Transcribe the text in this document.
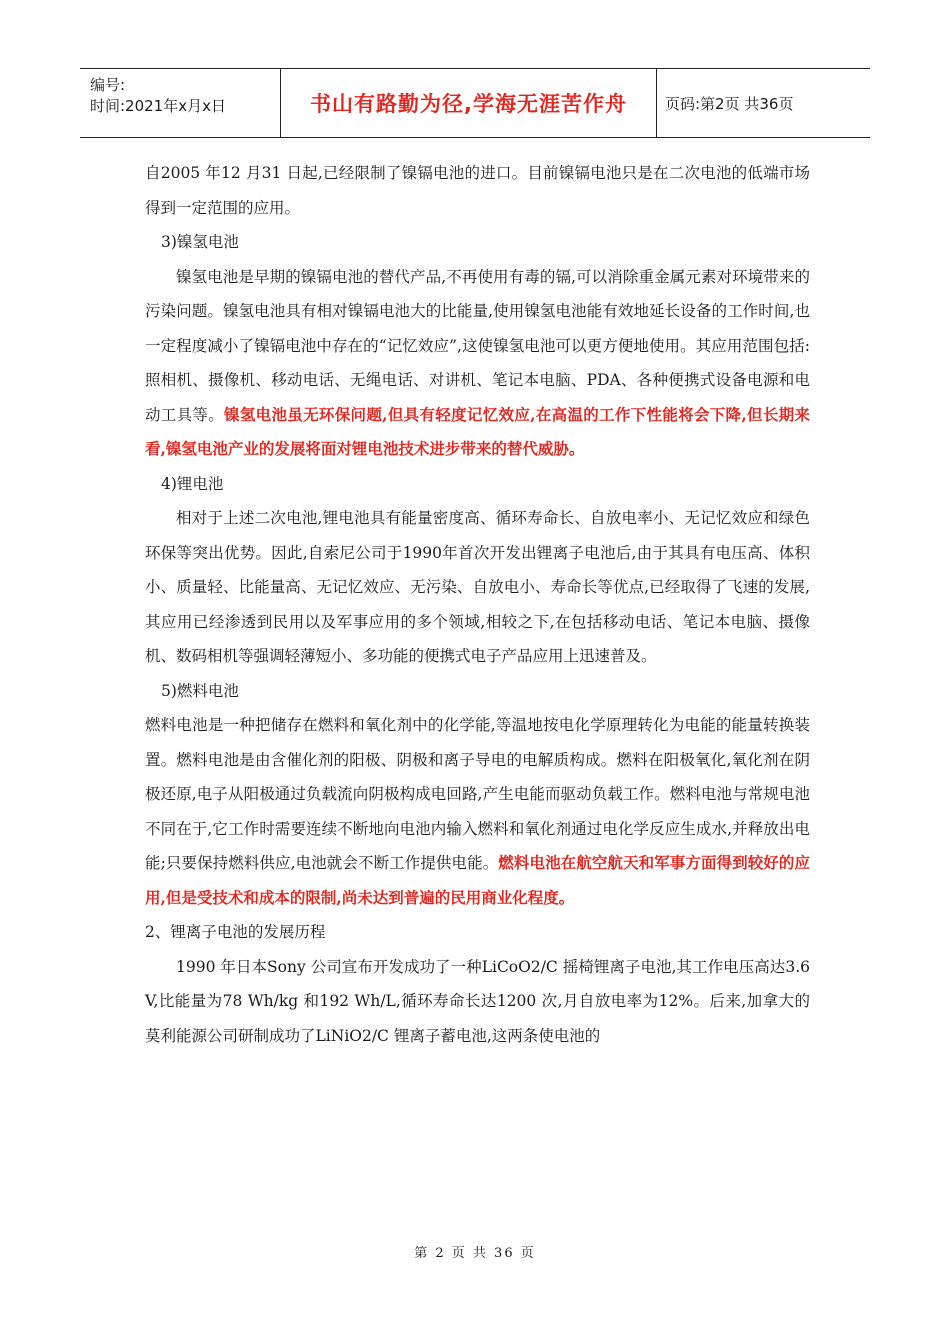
编号:
时间:2021年x月x日	书山有路勤为径,学海无涯苦作舟	页码:第2页 共36页

自2005 年12 月31 日起,已经限制了镍镉电池的进口。目前镍镉电池只是在二次电池的低端市场得到一定范围的应用。

3)镍氢电池

镍氢电池是早期的镍镉电池的替代产品,不再使用有毒的镉,可以消除重金属元素对环境带来的污染问题。镍氢电池具有相对镍镉电池大的比能量,使用镍氢电池能有效地延长设备的工作时间,也一定程度减小了镍镉电池中存在的“记忆效应”,这使镍氢电池可以更方便地使用。其应用范围包括:照相机、摄像机、移动电话、无绳电话、对讲机、笔记本电脑、PDA、各种便携式设备电源和电动工具等。镍氢电池虽无环保问题,但具有轻度记忆效应,在高温的工作下性能将会下降,但长期来看,镍氢电池产业的发展将面对锂电池技术进步带来的替代威胁。

4)锂电池

相对于上述二次电池,锂电池具有能量密度高、循环寿命长、自放电率小、无记忆效应和绿色环保等突出优势。因此,自索尼公司于1990年首次开发出锂离子电池后,由于其具有电压高、体积小、质量轻、比能量高、无记忆效应、无污染、自放电小、寿命长等优点,已经取得了飞速的发展,其应用已经渗透到民用以及军事应用的多个领域,相较之下,在包括移动电话、笔记本电脑、摄像机、数码相机等强调轻薄短小、多功能的便携式电子产品应用上迅速普及。

5)燃料电池

燃料电池是一种把储存在燃料和氧化剂中的化学能,等温地按电化学原理转化为电能的能量转换装置。燃料电池是由含催化剂的阳极、阴极和离子导电的电解质构成。燃料在阳极氧化,氧化剂在阴极还原,电子从阳极通过负载流向阴极构成电回路,产生电能而驱动负载工作。燃料电池与常规电池不同在于,它工作时需要连续不断地向电池内输入燃料和氧化剂通过电化学反应生成水,并释放出电能;只要保持燃料供应,电池就会不断工作提供电能。燃料电池在航空航天和军事方面得到较好的应用,但是受技术和成本的限制,尚未达到普遍的民用商业化程度。

2、锂离子电池的发展历程

1990 年日本Sony 公司宣布开发成功了一种LiCoO2/C 摇椅锂离子电池,其工作电压高达3.6 V,比能量为78 Wh/kg 和192 Wh/L,循环寿命长达1200 次,月自放电率为12%。后来,加拿大的莫利能源公司研制成功了LiNiO2/C 锂离子蓄电池,这两条使电池的

第 2 页 共 36 页
